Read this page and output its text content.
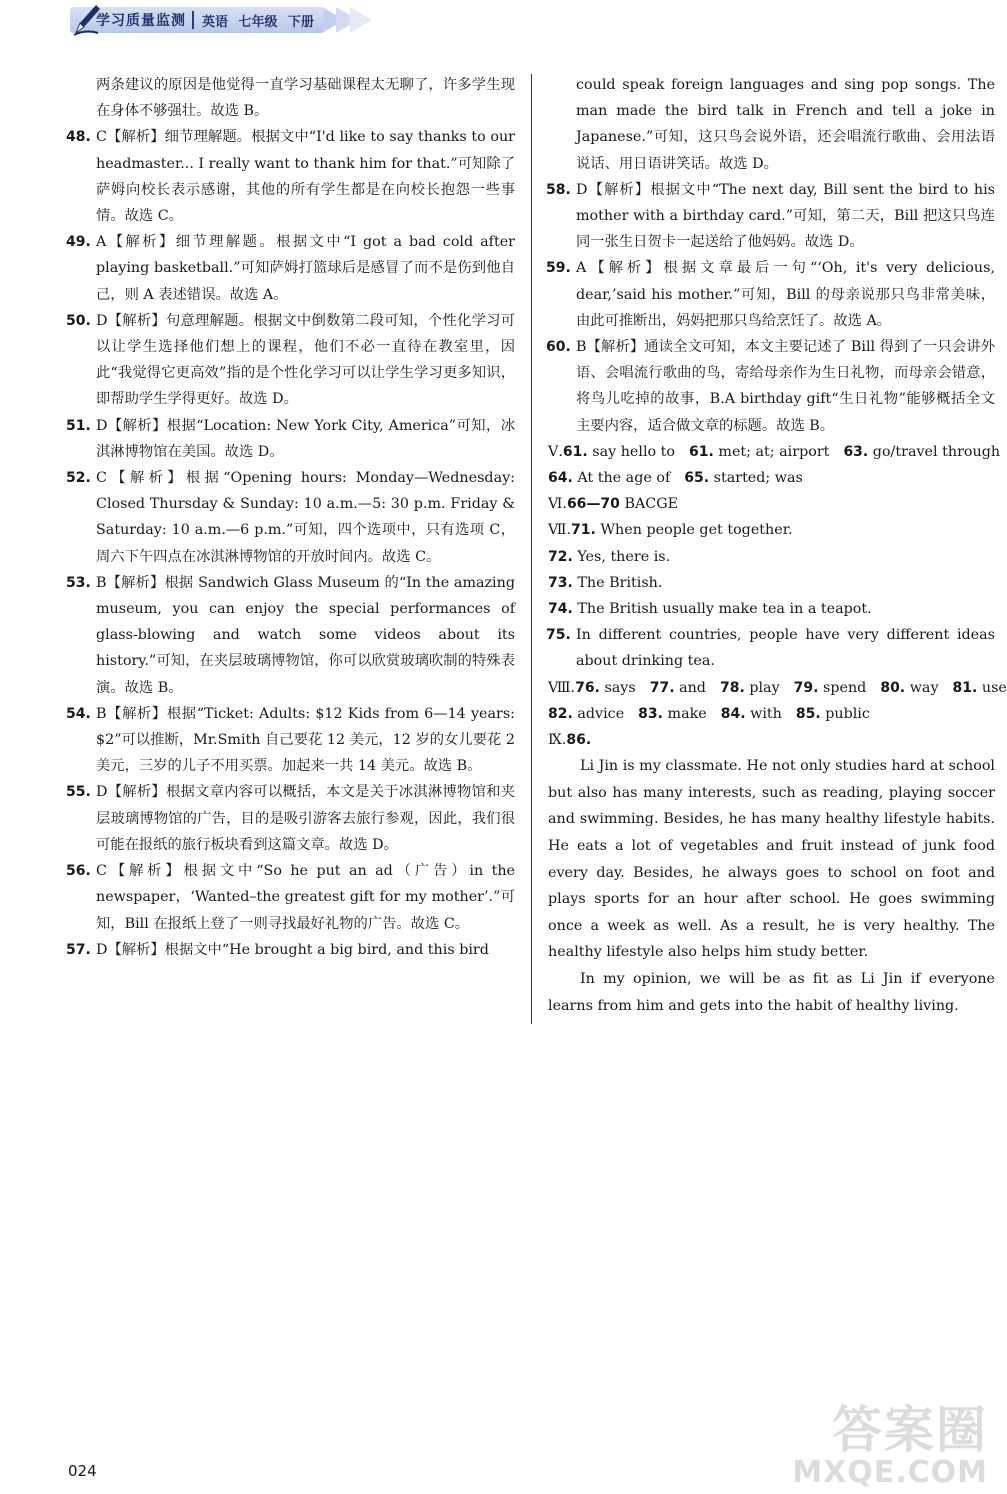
学习质量监测 英语 七年级 下册
两条建议的原因是他觉得一直学习基础课程太无聊了，许多学生现在身体不够强壮。故选 B。
48. C【解析】细节理解题。根据文中“I'd like to say thanks to our headmaster... I really want to thank him for that.”可知除了萨姆向校长表示感谢，其他的所有学生都是在向校长抱怨一些事情。故选 C。
49. A【解析】细节理解题。根据文中“I got a bad cold after playing basketball.”可知萨姆打篮球后是感冒了而不是伤到他自己，则 A 表述错误。故选 A。
50. D【解析】句意理解题。根据文中倒数第二段可知，个性化学习可以让学生选择他们想上的课程，他们不必一直待在教室里，因此“我觉得它更高效”指的是个性化学习可以让学生学习更多知识，即帮助学生学得更好。故选 D。
51. D【解析】根据“Location: New York City, America”可知，冰淇淋博物馆在美国。故选 D。
52. C【解析】根据“Opening hours: Monday—Wednesday: Closed Thursday & Sunday: 10 a.m.—5: 30 p.m. Friday & Saturday: 10 a.m.—6 p.m.”可知，四个选项中，只有选项 C，周六下午四点在冰淇淋博物馆的开放时间内。故选 C。
53. B【解析】根据 Sandwich Glass Museum 的“In the amazing museum, you can enjoy the special performances of glass-blowing and watch some videos about its history.”可知，在夹层玻璃博物馆，你可以欣赏玻璃吹制的特殊表演。故选 B。
54. B【解析】根据“Ticket: Adults: $12 Kids from 6—14 years: $2”可以推断，Mr.Smith 自己要花 12 美元，12 岁的女儿要花 2 美元，三岁的儿子不用买票。加起来一共 14 美元。故选 B。
55. D【解析】根据文章内容可以概括，本文是关于冰淇淋博物馆和夹层玻璃博物馆的广告，目的是吸引游客去旅行参观，因此，我们很可能在报纸的旅行板块看到这篇文章。故选 D。
56. C【解析】根据文中“So he put an ad（广告）in the newspaper，‘Wanted–the greatest gift for my mother’.”可知，Bill 在报纸上登了一则寻找最好礼物的广告。故选 C。
57. D【解析】根据文中“He brought a big bird, and this bird
could speak foreign languages and sing pop songs. The man made the bird talk in French and tell a joke in Japanese.”可知，这只鸟会说外语，还会唱流行歌曲、会用法语说话、用日语讲笑话。故选 D。
58. D【解析】根据文中“The next day, Bill sent the bird to his mother with a birthday card.”可知，第二天，Bill 把这只鸟连同一张生日贺卡一起送给了他妈妈。故选 D。
59. A【解析】根据文章最后一句“‘Oh, it's very delicious, dear,’said his mother.”可知，Bill 的母亲说那只鸟非常美味，由此可推断出，妈妈把那只鸟给烹饪了。故选 A。
60. B【解析】通读全文可知，本文主要记述了 Bill 得到了一只会讲外语、会唱流行歌曲的鸟，寄给母亲作为生日礼物，而母亲会错意，将鸟儿吃掉的故事，B.A birthday gift“生日礼物”能够概括全文主要内容，适合做文章的标题。故选 B。
Ⅴ.61. say hello to 61. met; at; airport 63. go/travel through
64. At the age of 65. started; was
Ⅵ.66—70 BACGE
Ⅶ.71. When people get together.
72. Yes, there is.
73. The British.
74. The British usually make tea in a teapot.
75. In different countries, people have very different ideas about drinking tea.
Ⅷ.76. says 77. and 78. play 79. spend 80. way 81. use
82. advice 83. make 84. with 85. public
Ⅸ.86.

Li Jin is my classmate. He not only studies hard at school but also has many interests, such as reading, playing soccer and swimming. Besides, he has many healthy lifestyle habits. He eats a lot of vegetables and fruit instead of junk food every day. Besides, he always goes to school on foot and plays sports for an hour after school. He goes swimming once a week as well. As a result, he is very healthy. The healthy lifestyle also helps him study better.

In my opinion, we will be as fit as Li Jin if everyone learns from him and gets into the habit of healthy living.

024
答案圈
MXQE.COM
